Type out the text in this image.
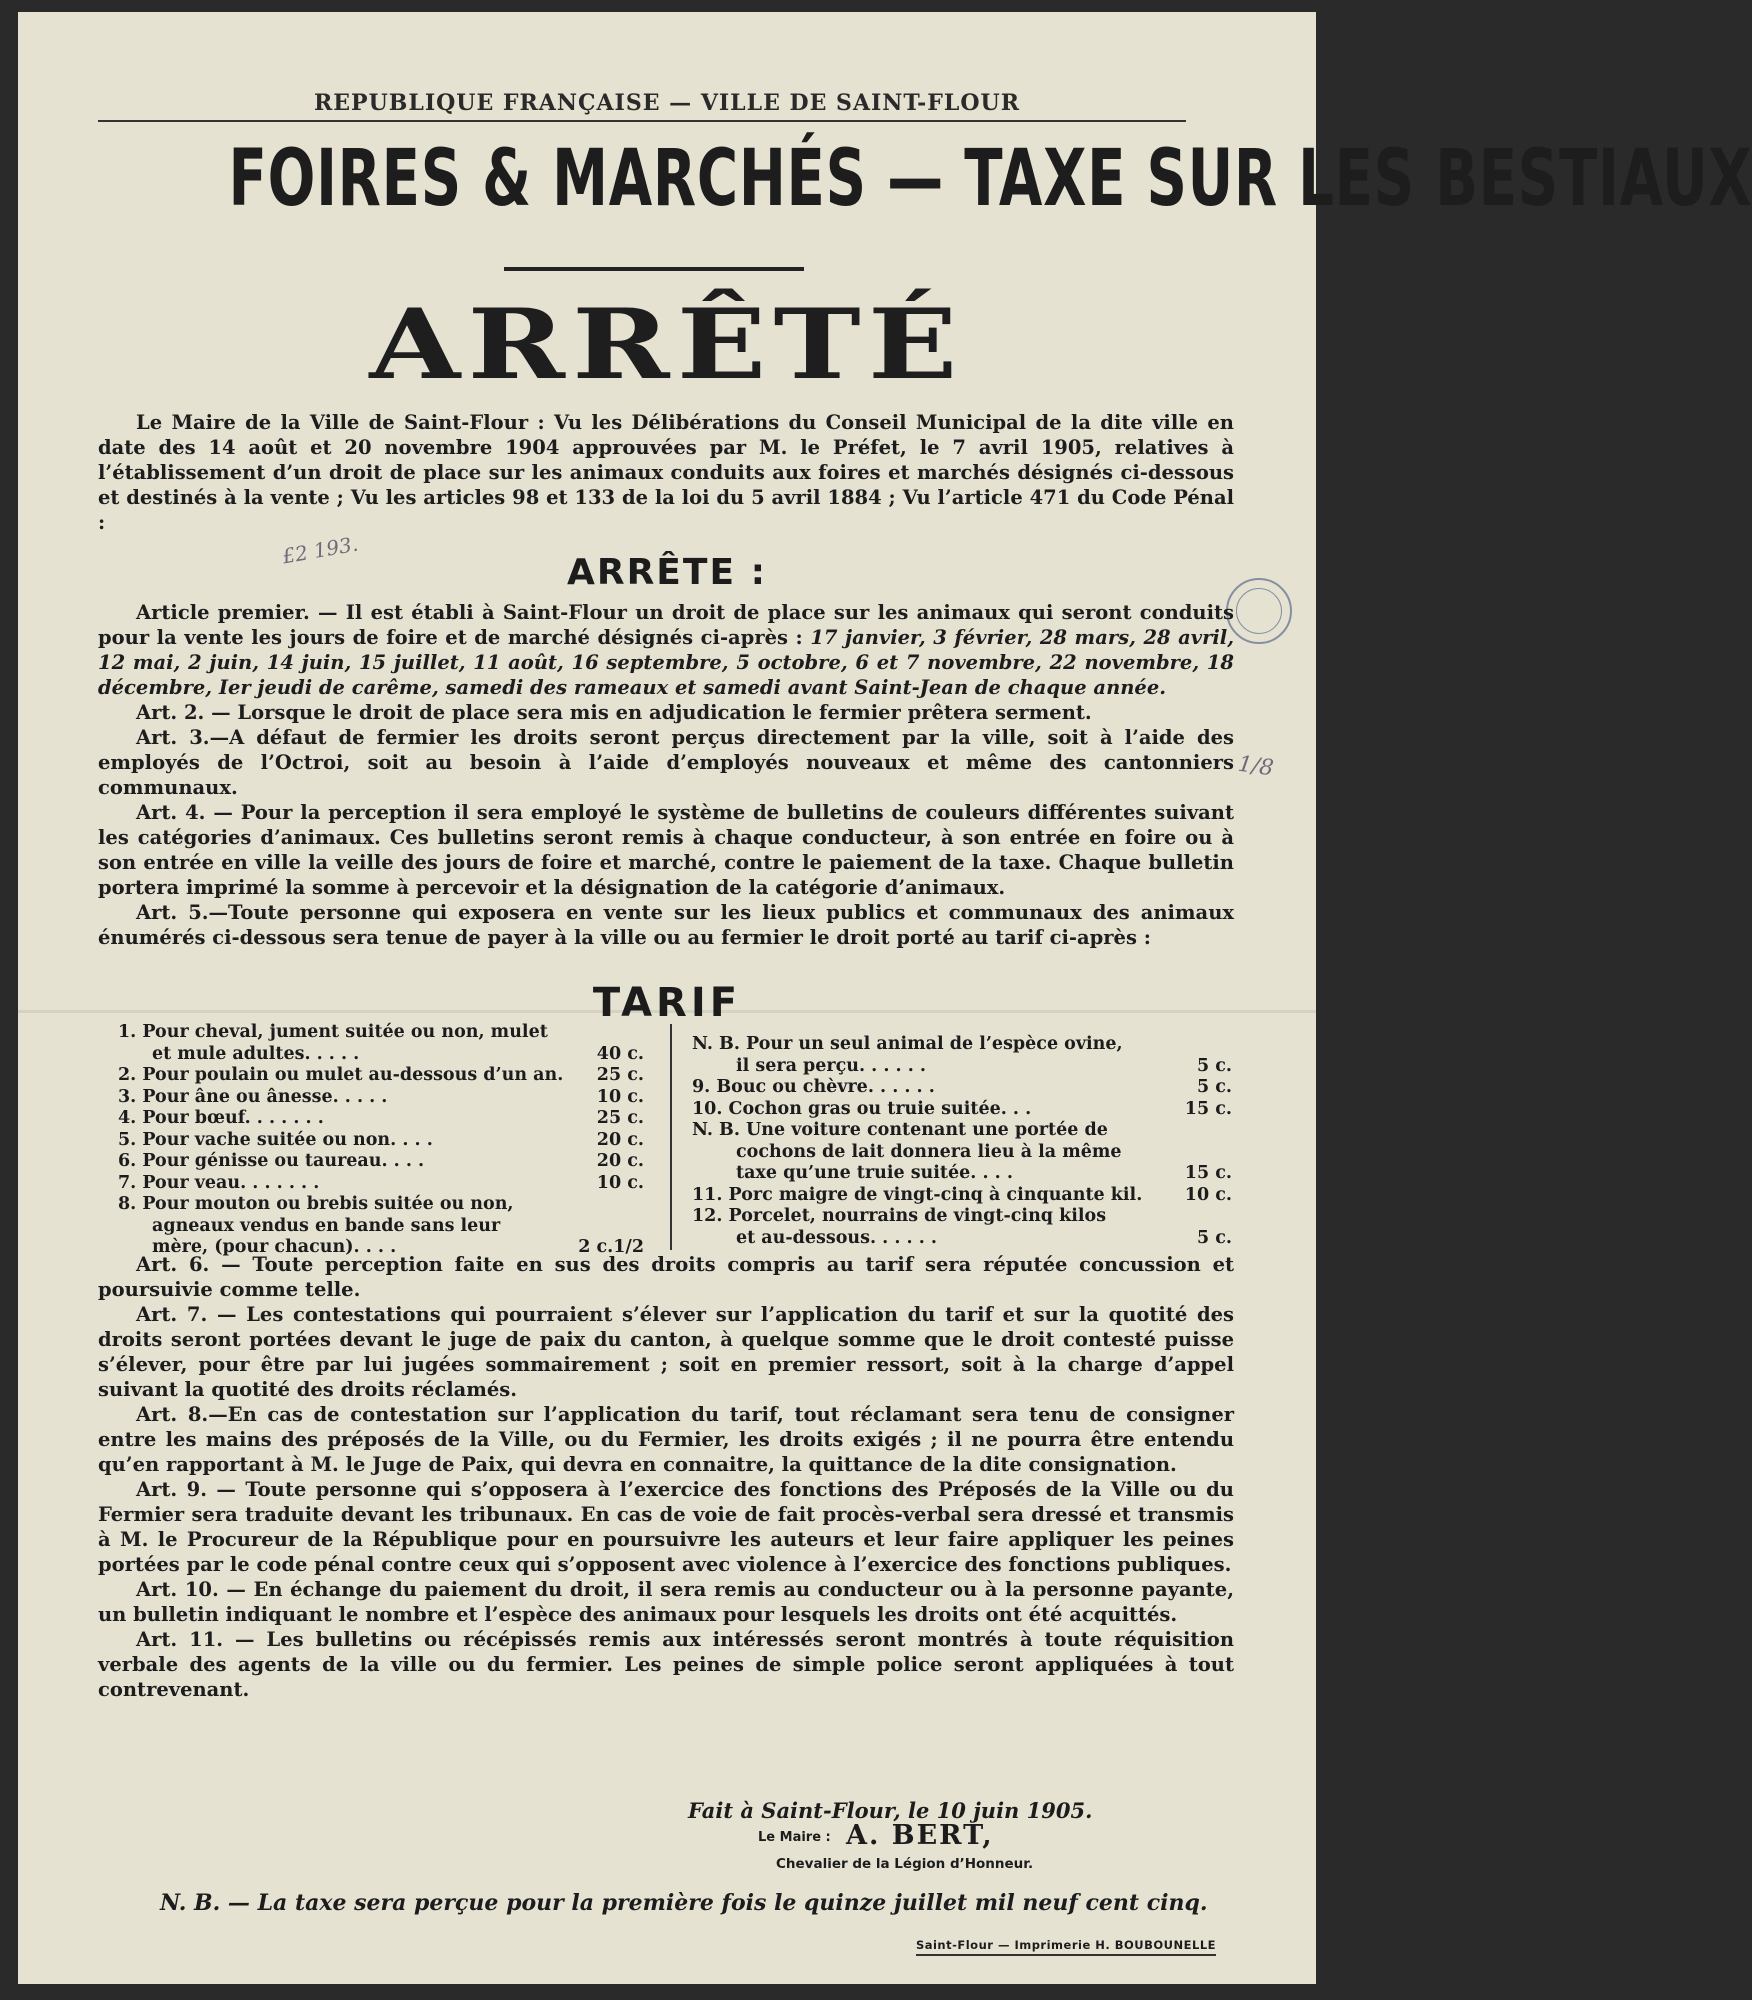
REPUBLIQUE FRANÇAISE — VILLE DE SAINT-FLOUR
FOIRES & MARCHÉS — TAXE SUR LES BESTIAUX
ARRÊTÉ

Le Maire de la Ville de Saint-Flour : Vu les Délibérations du Conseil Municipal de la dite ville en date des 14 août et 20 novembre 1904 approuvées par M. le Préfet, le 7 avril 1905, relatives à l’établissement d’un droit de place sur les animaux conduits aux foires et marchés désignés ci-dessous et destinés à la vente ; Vu les articles 98 et 133 de la loi du 5 avril 1884 ; Vu l’article 471 du Code Pénal :

£2 193.
ARRÊTE :

Article premier. — Il est établi à Saint-Flour un droit de place sur les animaux qui seront conduits pour la vente les jours de foire et de marché désignés ci-après : 17 janvier, 3 février, 28 mars, 28 avril, 12 mai, 2 juin, 14 juin, 15 juillet, 11 août, 16 septembre, 5 octobre, 6 et 7 novembre, 22 novembre, 18 décembre, Ier jeudi de carême, samedi des rameaux et samedi avant Saint-Jean de chaque année.

Art. 2. — Lorsque le droit de place sera mis en adjudication le fermier prêtera serment.

Art. 3.—A défaut de fermier les droits seront perçus directement par la ville, soit à l’aide des employés de l’Octroi, soit au besoin à l’aide d’employés nouveaux et même des cantonniers communaux.

Art. 4. — Pour la perception il sera employé le système de bulletins de couleurs différentes suivant les catégories d’animaux. Ces bulletins seront remis à chaque conducteur, à son entrée en foire ou à son entrée en ville la veille des jours de foire et marché, contre le paiement de la taxe. Chaque bulletin portera imprimé la somme à percevoir et la désignation de la catégorie d’animaux.

Art. 5.—Toute personne qui exposera en vente sur les lieux publics et communaux des animaux énumérés ci-dessous sera tenue de payer à la ville ou au fermier le droit porté au tarif ci-après :

1/8
TARIF
1. Pour cheval, jument suitée ou non, mulet
et mule adultes. . . . .	40 c.
2. Pour poulain ou mulet au-dessous d’un an.	25 c.
3. Pour âne ou ânesse. . . . .	10 c.
4. Pour bœuf. . . . . . .	25 c.
5. Pour vache suitée ou non. . . .	20 c.
6. Pour génisse ou taureau. . . .	20 c.
7. Pour veau. . . . . . .	10 c.
8. Pour mouton ou brebis suitée ou non,
agneaux vendus en bande sans leur
mère, (pour chacun). . . .	2 c.1/2
N. B. Pour un seul animal de l’espèce ovine,
il sera perçu. . . . . .	5 c.
9. Bouc ou chèvre. . . . . .	5 c.
10. Cochon gras ou truie suitée. . .	15 c.
N. B. Une voiture contenant une portée de
cochons de lait donnera lieu à la même
taxe qu’une truie suitée. . . .	15 c.
11. Porc maigre de vingt-cinq à cinquante kil.	10 c.
12. Porcelet, nourrains de vingt-cinq kilos
et au-dessous. . . . . .	5 c.

Art. 6. — Toute perception faite en sus des droits compris au tarif sera réputée concussion et poursuivie comme telle.

Art. 7. — Les contestations qui pourraient s’élever sur l’application du tarif et sur la quotité des droits seront portées devant le juge de paix du canton, à quelque somme que le droit contesté puisse s’élever, pour être par lui jugées sommairement ; soit en premier ressort, soit à la charge d’appel suivant la quotité des droits réclamés.

Art. 8.—En cas de contestation sur l’application du tarif, tout réclamant sera tenu de consigner entre les mains des préposés de la Ville, ou du Fermier, les droits exigés ; il ne pourra être entendu qu’en rapportant à M. le Juge de Paix, qui devra en connaitre, la quittance de la dite consignation.

Art. 9. — Toute personne qui s’opposera à l’exercice des fonctions des Préposés de la Ville ou du Fermier sera traduite devant les tribunaux. En cas de voie de fait procès-verbal sera dressé et transmis à M. le Procureur de la République pour en poursuivre les auteurs et leur faire appliquer les peines portées par le code pénal contre ceux qui s’opposent avec violence à l’exercice des fonctions publiques.

Art. 10. — En échange du paiement du droit, il sera remis au conducteur ou à la personne payante, un bulletin indiquant le nombre et l’espèce des animaux pour lesquels les droits ont été acquittés.

Art. 11. — Les bulletins ou récépissés remis aux intéressés seront montrés à toute réquisition verbale des agents de la ville ou du fermier. Les peines de simple police seront appliquées à tout contrevenant.

Fait à Saint-Flour, le 10 juin 1905.
Le Maire : A. BERT,
Chevalier de la Légion d’Honneur.
N. B. — La taxe sera perçue pour la première fois le quinze juillet mil neuf cent cinq.
Saint-Flour — Imprimerie H. BOUBOUNELLE
